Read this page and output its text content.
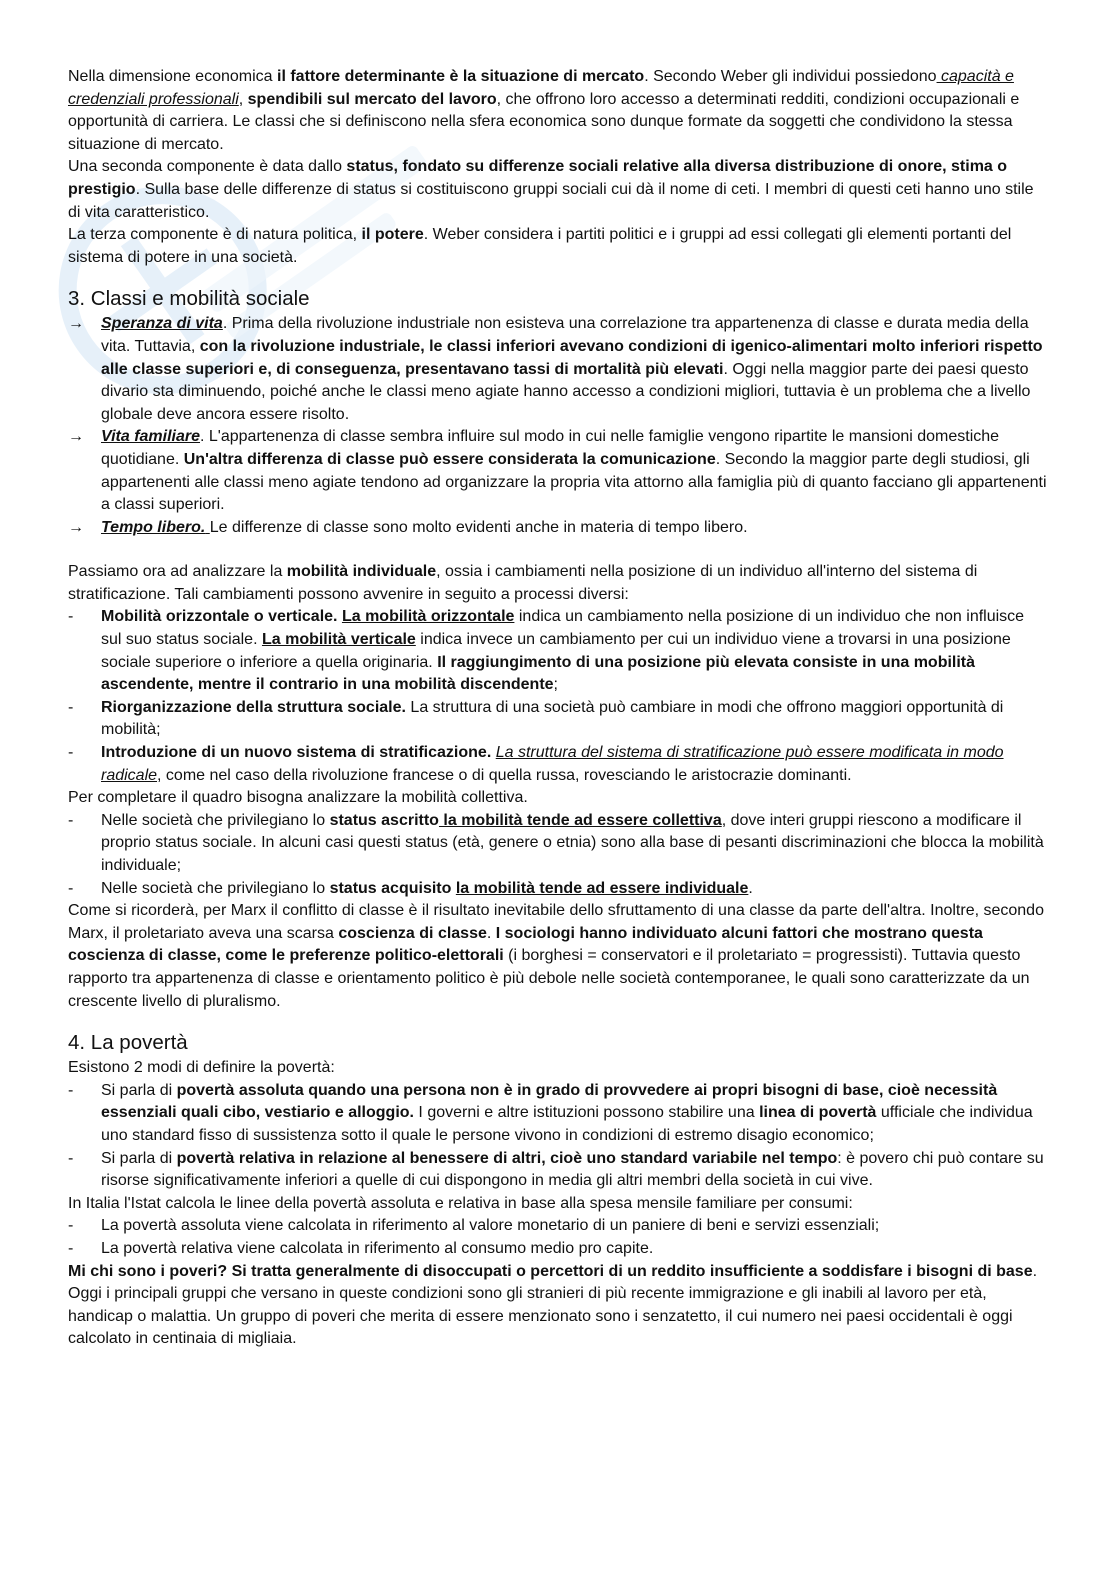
Nella dimensione economica il fattore determinante è la situazione di mercato. Secondo Weber gli individui possiedono capacità e credenziali professionali, spendibili sul mercato del lavoro, che offrono loro accesso a determinati redditi, condizioni occupazionali e opportunità di carriera. Le classi che si definiscono nella sfera economica sono dunque formate da soggetti che condividono la stessa situazione di mercato.

Una seconda componente è data dallo status, fondato su differenze sociali relative alla diversa distribuzione di onore, stima o prestigio. Sulla base delle differenze di status si costituiscono gruppi sociali cui dà il nome di ceti. I membri di questi ceti hanno uno stile di vita caratteristico.

La terza componente è di natura politica, il potere. Weber considera i partiti politici e i gruppi ad essi collegati gli elementi portanti del sistema di potere in una società.

3. Classi e mobilità sociale
→	Speranza di vita. Prima della rivoluzione industriale non esisteva una correlazione tra appartenenza di classe e durata media della vita. Tuttavia, con la rivoluzione industriale, le classi inferiori avevano condizioni di igenico-alimentari molto inferiori rispetto alle classe superiori e, di conseguenza, presentavano tassi di mortalità più elevati. Oggi nella maggior parte dei paesi questo divario sta diminuendo, poiché anche le classi meno agiate hanno accesso a condizioni migliori, tuttavia è un problema che a livello globale deve ancora essere risolto.
→	Vita familiare. L'appartenenza di classe sembra influire sul modo in cui nelle famiglie vengono ripartite le mansioni domestiche quotidiane. Un'altra differenza di classe può essere considerata la comunicazione. Secondo la maggior parte degli studiosi, gli appartenenti alle classi meno agiate tendono ad organizzare la propria vita attorno alla famiglia più di quanto facciano gli appartenenti a classi superiori.
→	Tempo libero. Le differenze di classe sono molto evidenti anche in materia di tempo libero.

Passiamo ora ad analizzare la mobilità individuale, ossia i cambiamenti nella posizione di un individuo all'interno del sistema di stratificazione. Tali cambiamenti possono avvenire in seguito a processi diversi:

-	Mobilità orizzontale o verticale. La mobilità orizzontale indica un cambiamento nella posizione di un individuo che non influisce sul suo status sociale. La mobilità verticale indica invece un cambiamento per cui un individuo viene a trovarsi in una posizione sociale superiore o inferiore a quella originaria. Il raggiungimento di una posizione più elevata consiste in una mobilità ascendente, mentre il contrario in una mobilità discendente;
-	Riorganizzazione della struttura sociale. La struttura di una società può cambiare in modi che offrono maggiori opportunità di mobilità;
-	Introduzione di un nuovo sistema di stratificazione. La struttura del sistema di stratificazione può essere modificata in modo radicale, come nel caso della rivoluzione francese o di quella russa, rovesciando le aristocrazie dominanti.

Per completare il quadro bisogna analizzare la mobilità collettiva.

-	Nelle società che privilegiano lo status ascritto la mobilità tende ad essere collettiva, dove interi gruppi riescono a modificare il proprio status sociale. In alcuni casi questi status (età, genere o etnia) sono alla base di pesanti discriminazioni che blocca la mobilità individuale;
-	Nelle società che privilegiano lo status acquisito la mobilità tende ad essere individuale.

Come si ricorderà, per Marx il conflitto di classe è il risultato inevitabile dello sfruttamento di una classe da parte dell'altra. Inoltre, secondo Marx, il proletariato aveva una scarsa coscienza di classe. I sociologi hanno individuato alcuni fattori che mostrano questa coscienza di classe, come le preferenze politico-elettorali (i borghesi = conservatori e il proletariato = progressisti). Tuttavia questo rapporto tra appartenenza di classe e orientamento politico è più debole nelle società contemporanee, le quali sono caratterizzate da un crescente livello di pluralismo.

4. La povertà

Esistono 2 modi di definire la povertà:

-	Si parla di povertà assoluta quando una persona non è in grado di provvedere ai propri bisogni di base, cioè necessità essenziali quali cibo, vestiario e alloggio. I governi e altre istituzioni possono stabilire una linea di povertà ufficiale che individua uno standard fisso di sussistenza sotto il quale le persone vivono in condizioni di estremo disagio economico;
-	Si parla di povertà relativa in relazione al benessere di altri, cioè uno standard variabile nel tempo: è povero chi può contare su risorse significativamente inferiori a quelle di cui dispongono in media gli altri membri della società in cui vive.

In Italia l'Istat calcola le linee della povertà assoluta e relativa in base alla spesa mensile familiare per consumi:

-	La povertà assoluta viene calcolata in riferimento al valore monetario di un paniere di beni e servizi essenziali;
-	La povertà relativa viene calcolata in riferimento al consumo medio pro capite.

Mi chi sono i poveri? Si tratta generalmente di disoccupati o percettori di un reddito insufficiente a soddisfare i bisogni di base. Oggi i principali gruppi che versano in queste condizioni sono gli stranieri di più recente immigrazione e gli inabili al lavoro per età, handicap o malattia. Un gruppo di poveri che merita di essere menzionato sono i senzatetto, il cui numero nei paesi occidentali è oggi calcolato in centinaia di migliaia.
